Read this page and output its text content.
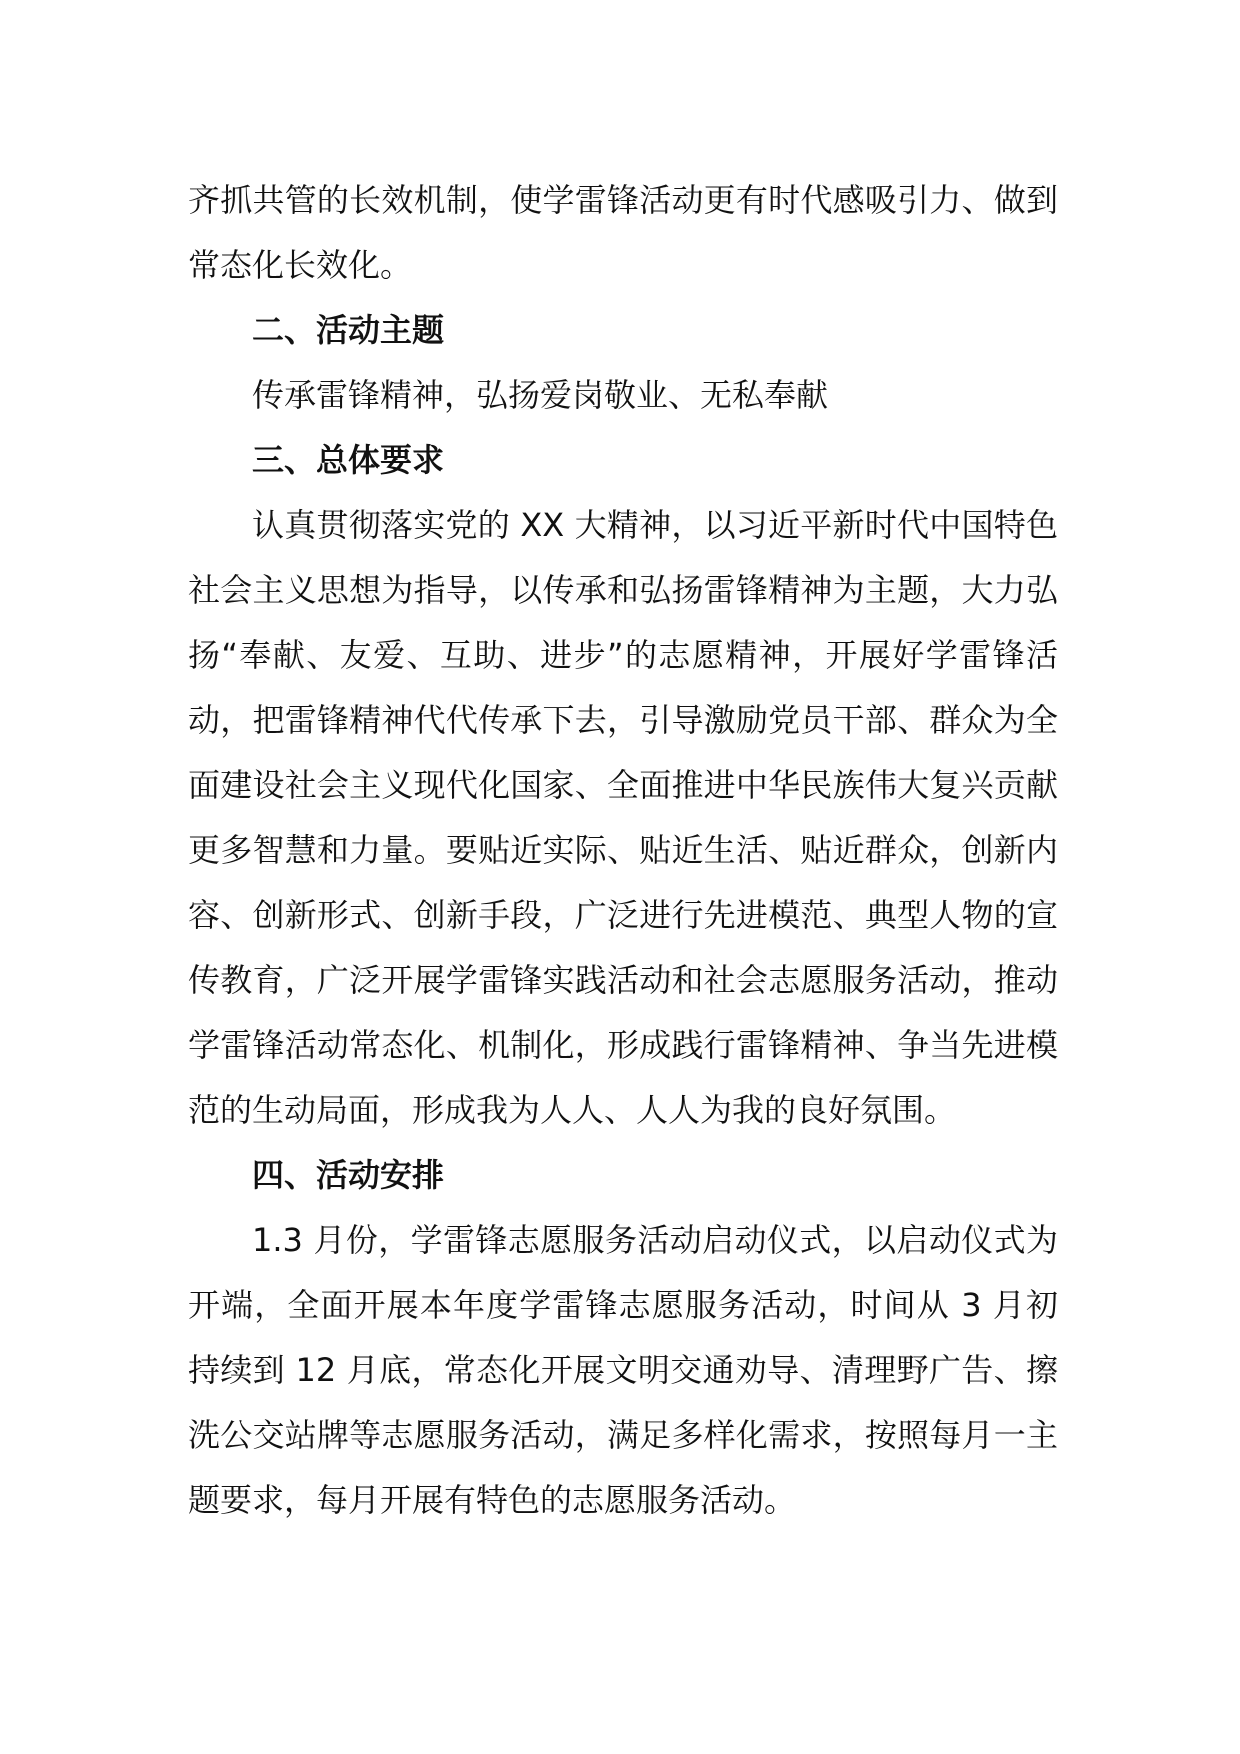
齐抓共管的长效机制，使学雷锋活动更有时代感吸引力、做到常态化长效化。

二、活动主题

传承雷锋精神，弘扬爱岗敬业、无私奉献

三、总体要求

认真贯彻落实党的 XX 大精神，以习近平新时代中国特色社会主义思想为指导，以传承和弘扬雷锋精神为主题，大力弘扬“奉献、友爱、互助、进步”的志愿精神，开展好学雷锋活动，把雷锋精神代代传承下去，引导激励党员干部、群众为全面建设社会主义现代化国家、全面推进中华民族伟大复兴贡献更多智慧和力量。要贴近实际、贴近生活、贴近群众，创新内容、创新形式、创新手段，广泛进行先进模范、典型人物的宣传教育，广泛开展学雷锋实践活动和社会志愿服务活动，推动学雷锋活动常态化、机制化，形成践行雷锋精神、争当先进模范的生动局面，形成我为人人、人人为我的良好氛围。

四、活动安排

1.3 月份，学雷锋志愿服务活动启动仪式，以启动仪式为开端，全面开展本年度学雷锋志愿服务活动，时间从 3 月初持续到 12 月底，常态化开展文明交通劝导、清理野广告、擦洗公交站牌等志愿服务活动，满足多样化需求，按照每月一主题要求，每月开展有特色的志愿服务活动。
